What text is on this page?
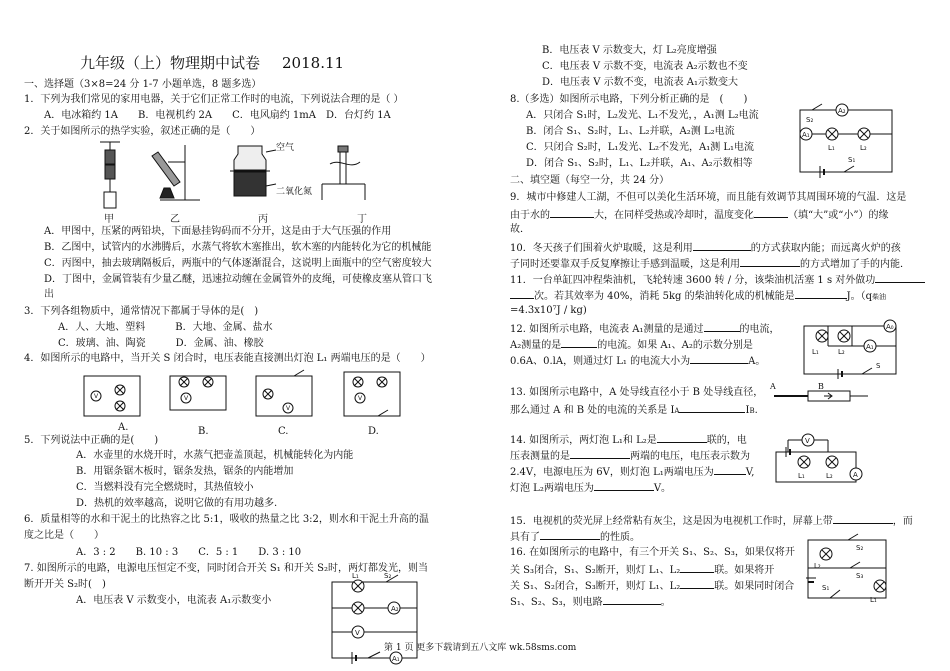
九年级（上）物理期中试卷 2018.11
一、选择题（3×8=24 分 1-7 小题单选，8 题多选）
1．下列为我们常见的家用电器，关于它们正常工作时的电流，下列说法合理的是（ ）
A．电冰箱约 1A　　B．电视机约 2A　　C．电风扇约 1mA　D．台灯约 1A
2．关于如图所示的热学实验，叙述正确的是（　　）
空气
二氧化氮
甲	乙	丙	丁
A．甲图中，压紧的两铅块，下面悬挂钩码而不分开，这是由于大气压强的作用
B．乙图中，试管内的水沸腾后，水蒸气将软木塞推出，软木塞的内能转化为它的机械能
C．丙图中，抽去玻璃隔板后，两瓶中的气体逐渐混合，这说明上面瓶中的空气密度较大
D．丁图中，金属管装有少量乙醚，迅速拉动缠在金属管外的皮绳，可使橡皮塞从管口飞
出
3．下列各组物质中，通常情况下都属于导体的是(　)
A．人、大地、塑料　　　B．大地、金属、盐水
C．玻璃、油、陶瓷　　　D．金属、油、橡胶
4．如图所示的电路中，当开关 S 闭合时，电压表能直接测出灯泡 L₁ 两端电压的是（　　）
V	V
V
V
A.	B.	C.	D.
5．下列说法中正确的是(　　)
A．水壶里的水烧开时，水蒸气把壶盖顶起，机械能转化为内能
B．用锯条锯木板时，锯条发热，锯条的内能增加
C．当燃料没有完全燃烧时，其热值较小
D．热机的效率越高，说明它做的有用功越多.
6．质量相等的水和干泥土的比热容之比 5:1，吸收的热量之比 3:2，则水和干泥土升高的温
度之比是（　　）
A．3 : 2　　B. 10 : 3　　C．5 : 1　　D. 3 : 10
7. 如图所示的电路，电源电压恒定不变，同时闭合开关 S₁ 和开关 S₂时，两灯都发光，则当
断开开关 S₂时(　)
A．电压表 V 示数变小，电流表 A₁示数变小
L₁	S₂
A₂
V
A₁
B．电压表 V 示数变大，灯 L₂亮度增强
C．电压表 V 示数不变，电流表 A₂示数也不变
D．电压表 V 示数不变，电流表 A₁示数变大
8.（多选）如图所示电路，下列分析正确的是　(　　)
A．只闭合 S₁时，L₂发光、L₁不发光，，A₁测 L₂电流
B．闭合 S₁、S₂时，L₁、L₂并联，A₂测 L₂电流
C．只闭合 S₂时，L₁发光、L₂不发光，A₁测 L₁电流
D．闭合 S₁、S₂时，L₁、L₂并联，A₁、A₂示数相等
A₂
A₁
S₂
L₁	L₂
S₁
二、填空题（每空一分，共 24 分）
9．城市中修建人工湖，不但可以美化生活环境，而且能有效调节其周围环境的气温．这是
由于水的	大，在同样受热或冷却时，温度变化	（填“大”或“小”）的缘
故．
10．冬天孩子们围着火炉取暖，这是利用	的方式获取内能；而远离火炉的孩
子同时还要靠双手反复摩擦让手感到温暖，这是利用	的方式增加了手的内能．
11．一台单缸四冲程柴油机，飞轮转速 3600 转 / 分，该柴油机活塞 1 s 对外做功
次。若其效率为 40%，消耗 5kg 的柴油转化成的机械能是	J。（q柴油
=4.3x10⁷J / kg)
12. 如图所示电路，电流表 A₁测量的是通过	的电流，
A₂测量的是	的电流。如果 A₁、A₂的示数分别是
0.6A、0.lA，则通过灯 L₁ 的电流大小为	A。
A₁
A₀
L₁	L₂
S
13. 如图所示电路中，A 处导线直径小于 B 处导线直径，
那么通过 A 和 B 处的电流的关系是 IA	IB.
A	B
14. 如图所示，两灯泡 L₁和 L₂是	联的，电
压表测量的是	两端的电压，电压表示数为
2.4V，电源电压为 6V，则灯泡 L₁两端电压为	V,
灯泡 L₂两端电压为	V。
V
A
L₁	L₂
15．电视机的荧光屏上经常粘有灰尘，这是因为电视机工作时，屏幕上带	，而
具有了	的性质。
16. 在如图所示的电路中，有三个开关 S₁、S₂、S₃，如果仅将开
关 S₃闭合，S₁、S₂断开，则灯 L₁、L₂	联。如果将开
关 S₁、S₂闭合，S₃断开，则灯 L₁、L₂	联。如果同时闭合
S₁、S₂、S₃，则电路	。
S₂
S₃
L₂
S₁
L₁
第 1 页 更多下载请到五八文库 wk.58sms.com
